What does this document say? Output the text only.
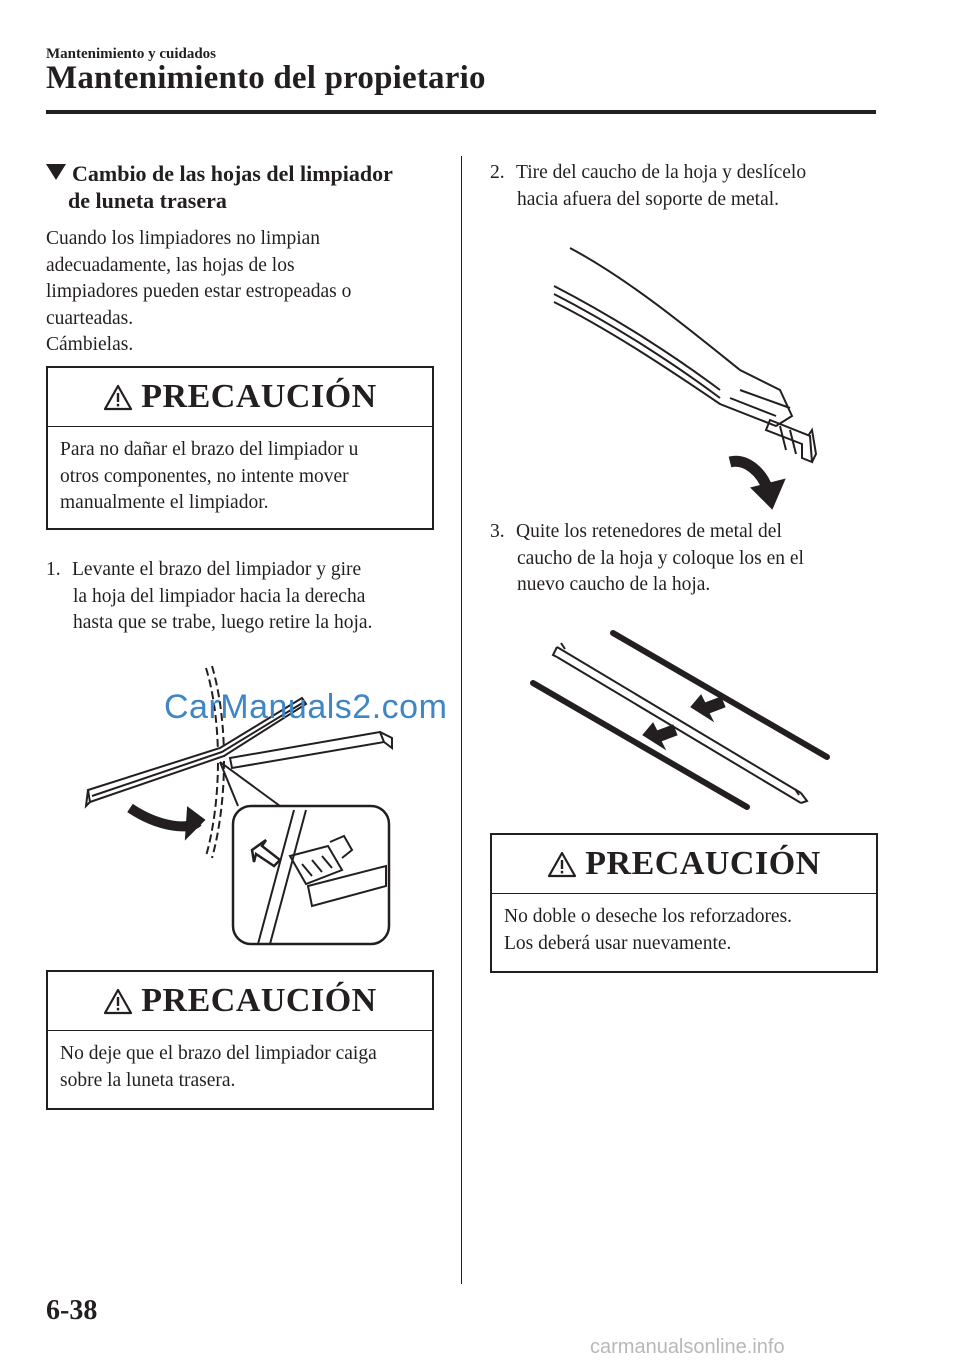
Mantenimiento y cuidados
Mantenimiento del propietario
Cambio de las hojas del limpiador
de luneta trasera
Cuando los limpiadores no limpian
adecuadamente, las hojas de los
limpiadores pueden estar estropeadas o
cuarteadas.
Cámbielas.
PRECAUCIÓN
Para no dañar el brazo del limpiador u
otros componentes, no intente mover
manualmente el limpiador.
1. Levante el brazo del limpiador y gire
la hoja del limpiador hacia la derecha
hasta que se trabe, luego retire la hoja.
CarManuals2.com
PRECAUCIÓN
No deje que el brazo del limpiador caiga
sobre la luneta trasera.
2. Tire del caucho de la hoja y deslícelo
hacia afuera del soporte de metal.
3. Quite los retenedores de metal del
caucho de la hoja y coloque los en el
nuevo caucho de la hoja.
PRECAUCIÓN
No doble o deseche los reforzadores.
Los deberá usar nuevamente.
6-38
carmanualsonline.info
